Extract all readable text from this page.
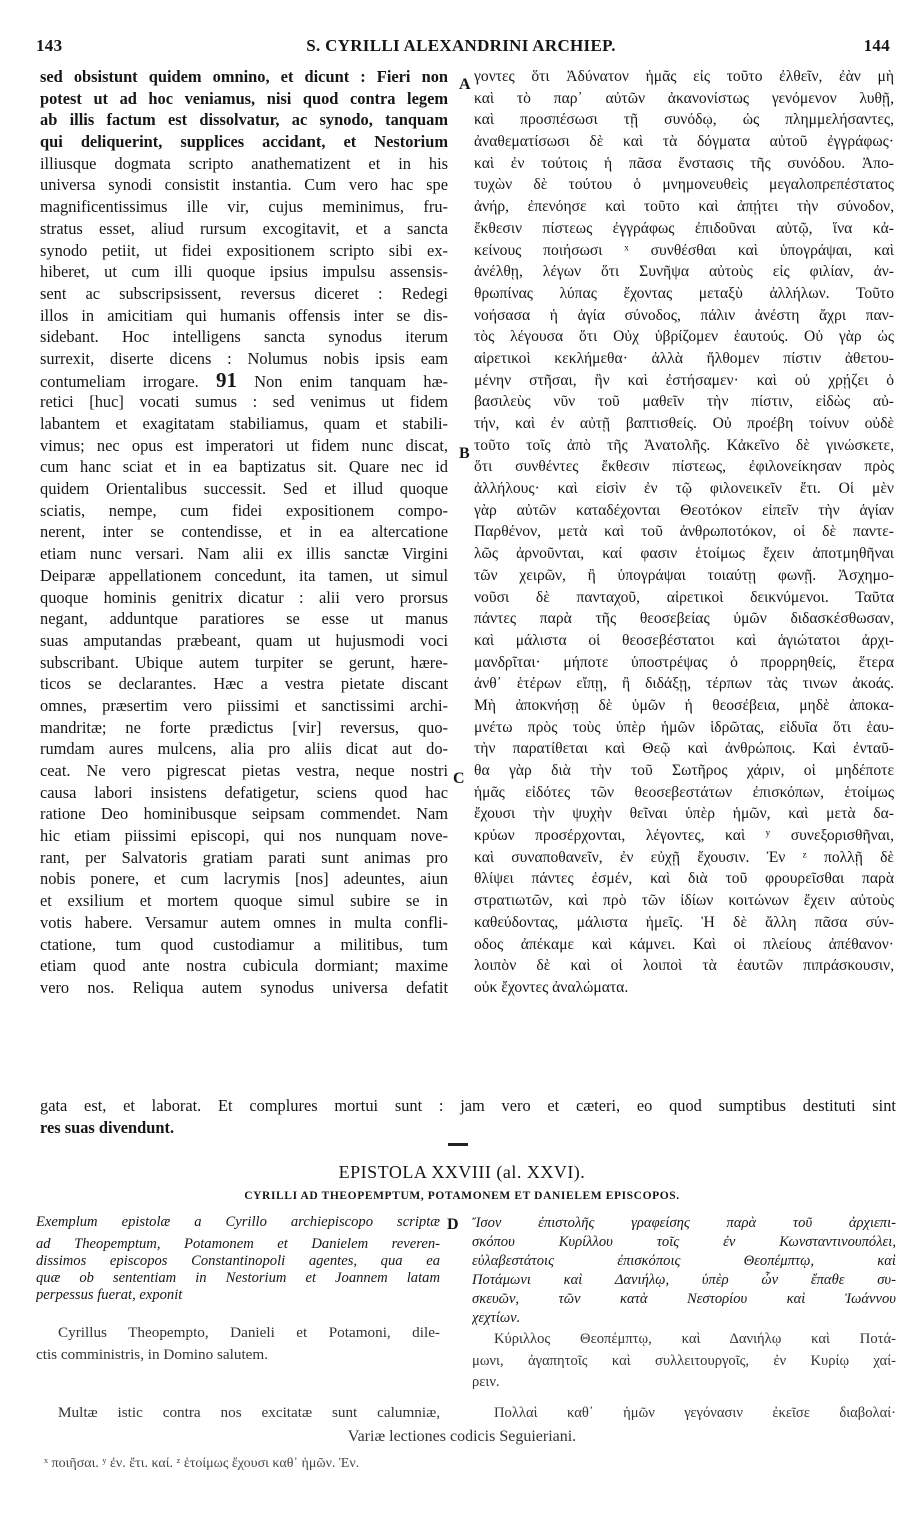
143	S. CYRILLI ALEXANDRINI ARCHIEP.	144
A
B
C
D
sed obsistunt quidem omnino, et dicunt : Fieri non
potest ut ad hoc veniamus, nisi quod contra legem
ab illis factum est dissolvatur, ac synodo, tanquam
qui deliquerint, supplices accidant, et Nestorium
illiusque dogmata scripto anathematizent et in his
universa synodi consistit instantia. Cum vero hac spe
magnificentissimus ille vir, cujus meminimus, fru-
stratus esset, aliud rursum excogitavit, et a sancta
synodo petiit, ut fidei expositionem scripto sibi ex-
hiberet, ut cum illi quoque ipsius impulsu assensis-
sent ac subscripsissent, reversus diceret : Redegi
illos in amicitiam qui humanis offensis inter se dis-
sidebant. Hoc intelligens sancta synodus iterum
surrexit, diserte dicens : Nolumus nobis ipsis eam
contumeliam irrogare. 91 Non enim tanquam hæ-
retici [huc] vocati sumus : sed venimus ut fidem
labantem et exagitatam stabiliamus, quam et stabili-
vimus; nec opus est imperatori ut fidem nunc discat,
cum hanc sciat et in ea baptizatus sit. Quare nec id
quidem Orientalibus successit. Sed et illud quoque
sciatis, nempe, cum fidei expositionem compo-
nerent, inter se contendisse, et in ea altercatione
etiam nunc versari. Nam alii ex illis sanctæ Virgini
Deiparæ appellationem concedunt, ita tamen, ut simul
quoque hominis genitrix dicatur : alii vero prorsus
negant, adduntque paratiores se esse ut manus
suas amputandas præbeant, quam ut hujusmodi voci
subscribant. Ubique autem turpiter se gerunt, hære-
ticos se declarantes. Hæc a vestra pietate discant
omnes, præsertim vero piissimi et sanctissimi archi-
mandritæ; ne forte prædictus [vir] reversus, quo-
rumdam aures mulcens, alia pro aliis dicat aut do-
ceat. Ne vero pigrescat pietas vestra, neque nostri
causa labori insistens defatigetur, sciens quod hac
ratione Deo hominibusque seipsam commendet. Nam
hic etiam piissimi episcopi, qui nos nunquam nove-
rant, per Salvatoris gratiam parati sunt animas pro
nobis ponere, et cum lacrymis [nos] adeuntes, aiun
et exsilium et mortem quoque simul subire se in
votis habere. Versamur autem omnes in multa confli-
ctatione, tum quod custodiamur a militibus, tum
etiam quod ante nostra cubicula dormiant; maxime
vero nos. Reliqua autem synodus universa defatit
γοντες ὅτι Ἀδύνατον ἡμᾶς εἰς τοῦτο ἐλθεῖν, ἐὰν μὴ
καὶ τὸ παρ᾽ αὐτῶν ἀκανονίστως γενόμενον λυθῇ,
καὶ προσπέσωσι τῇ συνόδῳ, ὡς πλημμελήσαντες,
ἀναθεματίσωσι δὲ καὶ τὰ δόγματα αὐτοῦ ἐγγράφως·
καὶ ἐν τούτοις ἡ πᾶσα ἔνστασις τῆς συνόδου. Ἀπο-
τυχὼν δὲ τούτου ὁ μνημονευθεὶς μεγαλοπρεπέστατος
ἀνήρ, ἐπενόησε καὶ τοῦτο καὶ ἀπῄτει τὴν σύνοδον,
ἔκθεσιν πίστεως ἐγγράφως ἐπιδοῦναι αὐτῷ, ἵνα κἀ-
κείνους ποιήσωσι ˣ συνθέσθαι καὶ ὑπογράψαι, καὶ
ἀνέλθῃ, λέγων ὅτι Συνῆψα αὐτοὺς εἰς φιλίαν, ἀν-
θρωπίνας λύπας ἔχοντας μεταξὺ ἀλλήλων. Τοῦτο
νοήσασα ἡ ἁγία σύνοδος, πάλιν ἀνέστη ἄχρι παν-
τὸς λέγουσα ὅτι Οὐχ ὑβρίζομεν ἑαυτούς. Οὐ γὰρ ὡς
αἱρετικοὶ κεκλήμεθα· ἀλλὰ ἤλθομεν πίστιν ἀθετου-
μένην στῆσαι, ἣν καὶ ἐστήσαμεν· καὶ οὐ χρῄζει ὁ
βασιλεὺς νῦν τοῦ μαθεῖν τὴν πίστιν, εἰδὼς αὐ-
τήν, καὶ ἐν αὐτῇ βαπτισθείς. Οὐ προέβη τοίνυν οὐδὲ
τοῦτο τοῖς ἀπὸ τῆς Ἀνατολῆς. Κἀκεῖνο δὲ γινώσκετε,
ὅτι συνθέντες ἔκθεσιν πίστεως, ἐφιλονείκησαν πρὸς
ἀλλήλους· καὶ εἰσὶν ἐν τῷ φιλονεικεῖν ἔτι. Οἱ μὲν
γὰρ αὐτῶν καταδέχονται Θεοτόκον εἰπεῖν τὴν ἁγίαν
Παρθένον, μετὰ καὶ τοῦ ἀνθρωποτόκον, οἱ δὲ παντε-
λῶς ἀρνοῦνται, καί φασιν ἑτοίμως ἔχειν ἀποτμηθῆναι
τῶν χειρῶν, ἢ ὑπογράψαι τοιαύτῃ φωνῇ. Ἀσχημο-
νοῦσι δὲ πανταχοῦ, αἱρετικοὶ δεικνύμενοι. Ταῦτα
πάντες παρὰ τῆς θεοσεβείας ὑμῶν διδασκέσθωσαν,
καὶ μάλιστα οἱ θεοσεβέστατοι καὶ ἁγιώτατοι ἀρχι-
μανδρῖται· μήποτε ὑποστρέψας ὁ προρρηθείς, ἕτερα
ἀνθ᾽ ἑτέρων εἴπῃ, ἢ διδάξῃ, τέρπων τὰς τινων ἀκοάς.
Μὴ ἀποκνήσῃ δὲ ὑμῶν ἡ θεοσέβεια, μηδὲ ἀποκα-
μνέτω πρὸς τοὺς ὑπὲρ ἡμῶν ἱδρῶτας, εἰδυῖα ὅτι ἑαυ-
τὴν παρατίθεται καὶ Θεῷ καὶ ἀνθρώποις. Καὶ ἐνταῦ-
θα γὰρ διὰ τὴν τοῦ Σωτῆρος χάριν, οἱ μηδέποτε
ἡμᾶς εἰδότες τῶν θεοσεβεστάτων ἐπισκόπων, ἑτοίμως
ἔχουσι τὴν ψυχὴν θεῖναι ὑπὲρ ἡμῶν, καὶ μετὰ δα-
κρύων προσέρχονται, λέγοντες, καὶ ʸ συνεξορισθῆναι,
καὶ συναποθανεῖν, ἐν εὐχῇ ἔχουσιν. Ἐν ᶻ πολλῇ δὲ
θλίψει πάντες ἐσμέν, καὶ διὰ τοῦ φρουρεῖσθαι παρὰ
στρατιωτῶν, καὶ πρὸ τῶν ἰδίων κοιτώνων ἔχειν αὐτοὺς
καθεύδοντας, μάλιστα ἡμεῖς. Ἡ δὲ ἄλλη πᾶσα σύν-
οδος ἀπέκαμε καὶ κάμνει. Καὶ οἱ πλείους ἀπέθανον·
λοιπὸν δὲ καὶ οἱ λοιποὶ τὰ ἑαυτῶν πιπράσκουσιν,
οὐκ ἔχοντες ἀναλώματα.
gata est, et laborat. Et complures mortui sunt : jam vero et cæteri, eo quod sumptibus destituti sint
res suas divendunt.
EPISTOLA XXVIII (al. XXVI).
CYRILLI AD THEOPEMPTUM, POTAMONEM ET DANIELEM EPISCOPOS.
Exemplum epistolæ a Cyrillo archiepiscopo scriptæ
ad Theopemptum, Potamonem et Danielem reveren-
dissimos episcopos Constantinopoli agentes, qua ea
quæ ob sententiam in Nestorium et Joannem latam
perpessus fuerat, exponit
Ἴσον ἐπιστολῆς γραφείσης παρὰ τοῦ ἀρχιεπι-
σκόπου Κυρίλλου τοῖς ἐν Κωνσταντινουπόλει,
εὐλαβεστάτοις ἐπισκόποις Θεοπέμπτῳ, καὶ
Ποτάμωνι καὶ Δανιήλῳ, ὑπὲρ ὧν ἔπαθε συ-
σκευῶν, τῶν κατὰ Νεστορίου καὶ Ἰωάννου
χεχτίων.
Cyrillus Theopempto, Danieli et Potamoni, dile-
ctis comministris, in Domino salutem.
Κύριλλος Θεοπέμπτῳ, καὶ Δανιήλῳ καὶ Ποτά-
μωνι, ἀγαπητοῖς καὶ συλλειτουργοῖς, ἐν Κυρίῳ χαί-
ρειν.
Multæ istic contra nos excitatæ sunt calumniæ,	Πολλαὶ καθ᾽ ἡμῶν γεγόνασιν ἐκεῖσε διαβολαί·
Variæ lectiones codicis Seguieriani.
ˣ ποιῆσαι. ʸ ἐν. ἔτι. καί. ᶻ ἑτοίμως ἔχουσι καθ᾽ ἡμῶν. Ἐν.
